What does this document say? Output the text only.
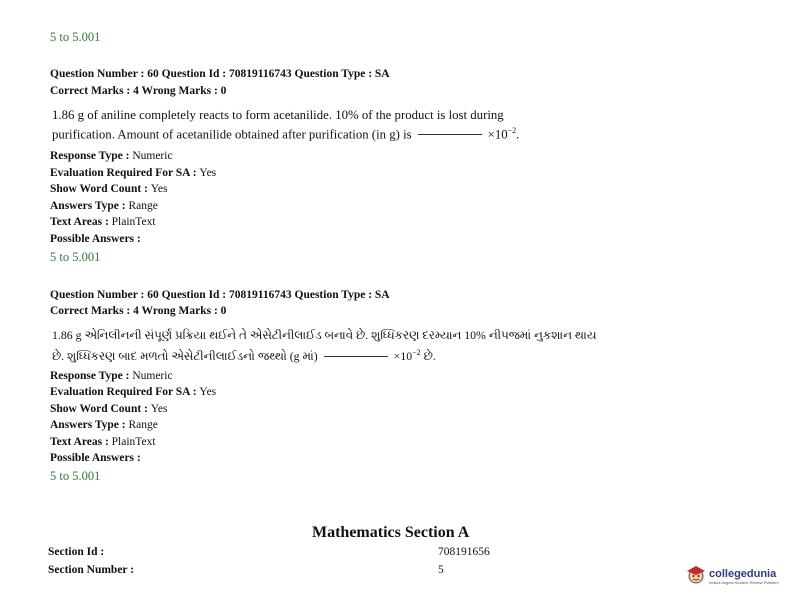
5 to 5.001
Question Number : 60 Question Id : 70819116743 Question Type : SA
Correct Marks : 4 Wrong Marks : 0
1.86 g of aniline completely reacts to form acetanilide. 10% of the product is lost during
purification. Amount of acetanilide obtained after purification (in g) is	$\times 10^{-2}$.
Response Type : Numeric
Evaluation Required For SA : Yes
Show Word Count : Yes
Answers Type : Range
Text Areas : PlainText
Possible Answers :
5 to 5.001
Question Number : 60 Question Id : 70819116743 Question Type : SA
Correct Marks : 4 Wrong Marks : 0
1.86 g એનિલીનની સંપૂર્ણ પ્રક્રિયા થઈને તે એસેટીનીલાઈડ બનાવે છે. શુધ્ધિકરણ દરમ્યાન 10% નીપજમાં નુકશાન થાય
છે. શુધ્ધિકરણ બાદ મળતો એસેટીનીલાઈડનો જથ્થો (g માં)	$\times 10^{-2}$ છે.
Response Type : Numeric
Evaluation Required For SA : Yes
Show Word Count : Yes
Answers Type : Range
Text Areas : PlainText
Possible Answers :
5 to 5.001
Mathematics Section A
Section Id :	708191656
Section Number :	5	collegedunia
India's largest Student Review Platform
